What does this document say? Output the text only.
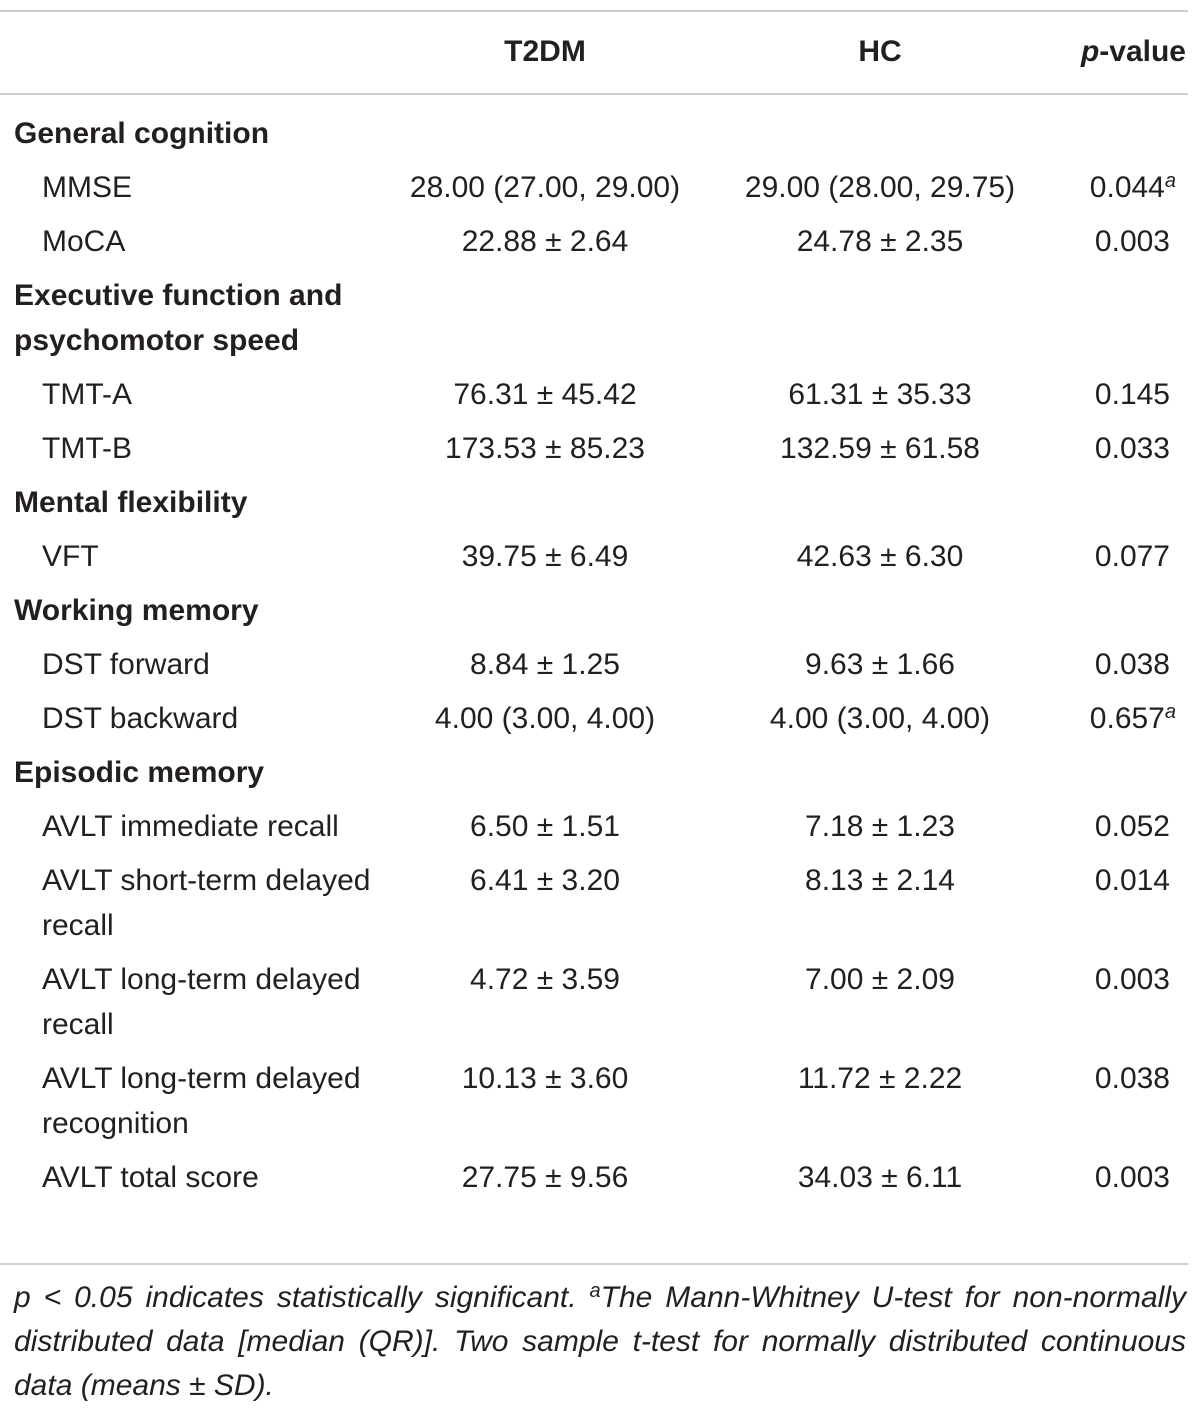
	T2DM	HC	p-value
General cognition			
MMSE	28.00 (27.00, 29.00)	29.00 (28.00, 29.75)	0.044$^a$
MoCA	22.88 ± 2.64	24.78 ± 2.35	0.003
Executive function and psychomotor speed			
TMT-A	76.31 ± 45.42	61.31 ± 35.33	0.145
TMT-B	173.53 ± 85.23	132.59 ± 61.58	0.033
Mental flexibility			
VFT	39.75 ± 6.49	42.63 ± 6.30	0.077
Working memory			
DST forward	8.84 ± 1.25	9.63 ± 1.66	0.038
DST backward	4.00 (3.00, 4.00)	4.00 (3.00, 4.00)	0.657$^a$
Episodic memory			
AVLT immediate recall	6.50 ± 1.51	7.18 ± 1.23	0.052
AVLT short-term delayed recall	6.41 ± 3.20	8.13 ± 2.14	0.014
AVLT long-term delayed recall	4.72 ± 3.59	7.00 ± 2.09	0.003
AVLT long-term delayed recognition	10.13 ± 3.60	11.72 ± 2.22	0.038
AVLT total score	27.75 ± 9.56	34.03 ± 6.11	0.003
p < 0.05 indicates statistically significant. $^a$The Mann-Whitney U-test for non-normally distributed data [median (QR)]. Two sample t-test for normally distributed continuous data (means ± SD).
